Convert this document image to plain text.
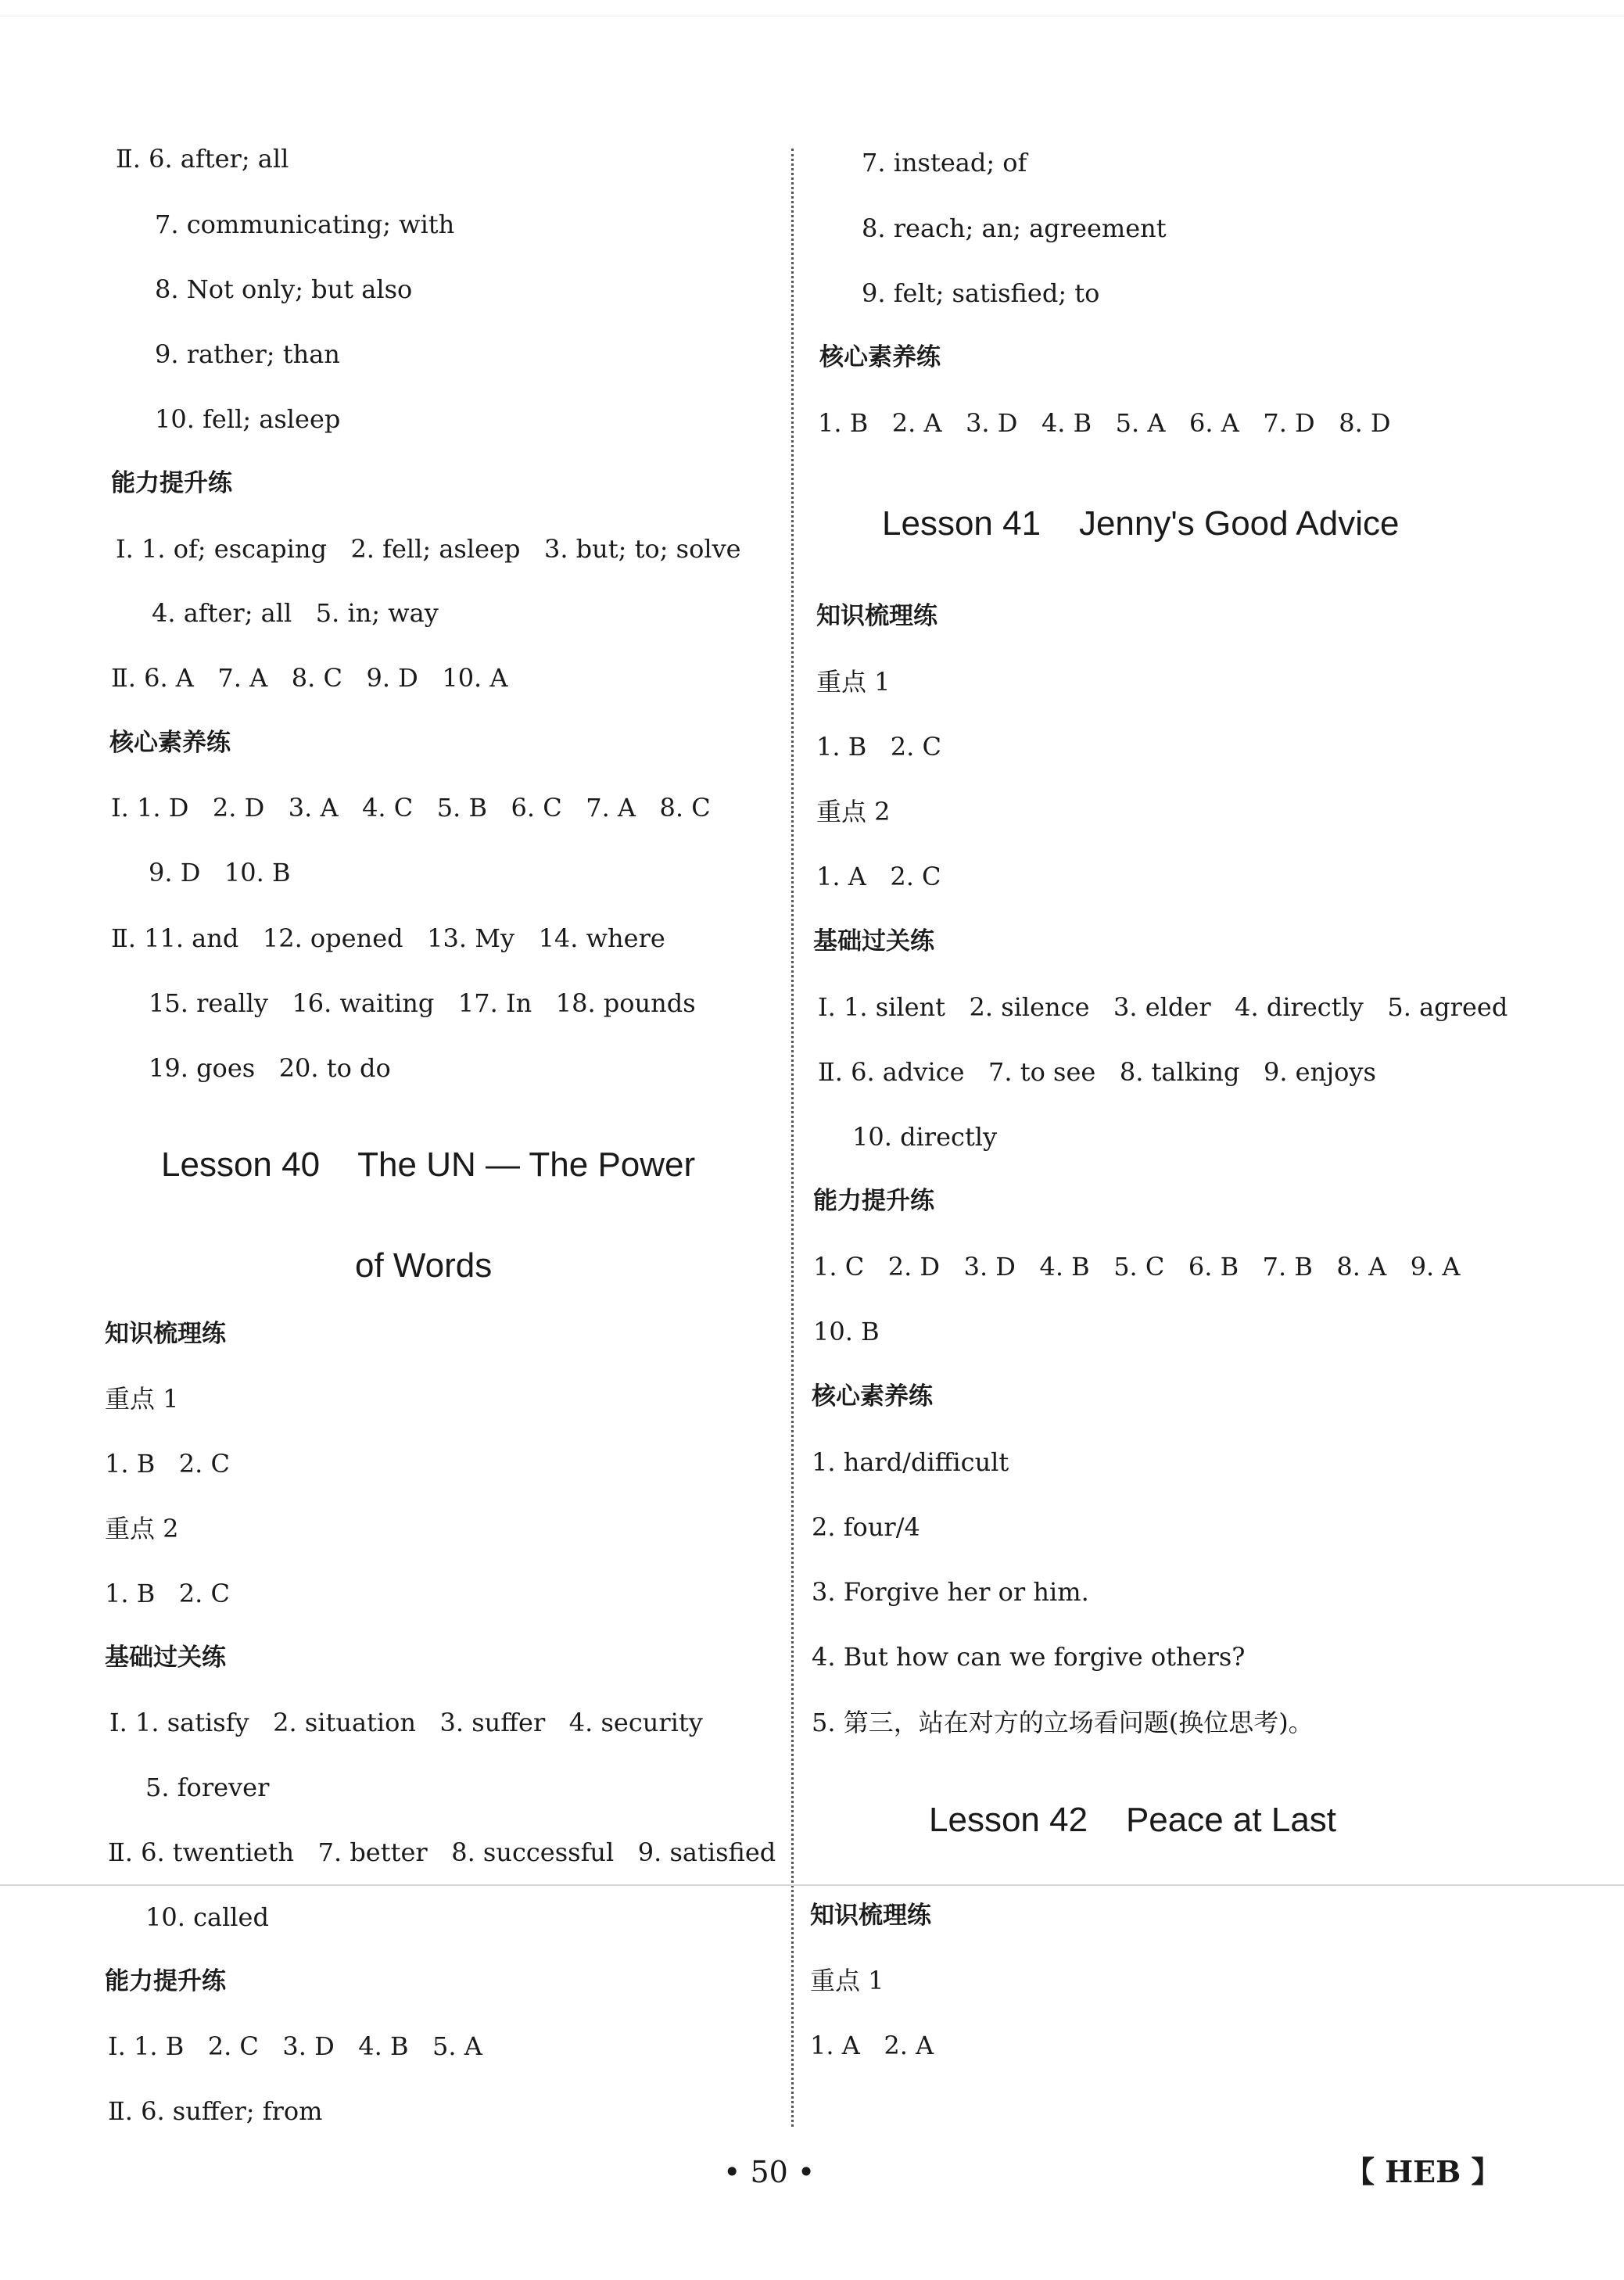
Ⅱ. 6. after; all
7. communicating; with
8. Not only; but also
9. rather; than
10. fell; asleep
能力提升练
Ⅰ. 1. of; escaping   2. fell; asleep   3. but; to; solve
4. after; all   5. in; way
Ⅱ. 6. A   7. A   8. C   9. D   10. A
核心素养练
Ⅰ. 1. D   2. D   3. A   4. C   5. B   6. C   7. A   8. C
9. D   10. B
Ⅱ. 11. and   12. opened   13. My   14. where
15. really   16. waiting   17. In   18. pounds
19. goes   20. to do
Lesson 40    The UN — The Power
of Words
知识梳理练
重点 1
1. B   2. C
重点 2
1. B   2. C
基础过关练
Ⅰ. 1. satisfy   2. situation   3. suffer   4. security
5. forever
Ⅱ. 6. twentieth   7. better   8. successful   9. satisfied
10. called
能力提升练
Ⅰ. 1. B   2. C   3. D   4. B   5. A
Ⅱ. 6. suffer; from
7. instead; of
8. reach; an; agreement
9. felt; satisfied; to
核心素养练
1. B   2. A   3. D   4. B   5. A   6. A   7. D   8. D
Lesson 41    Jenny's Good Advice
知识梳理练
重点 1
1. B   2. C
重点 2
1. A   2. C
基础过关练
Ⅰ. 1. silent   2. silence   3. elder   4. directly   5. agreed
Ⅱ. 6. advice   7. to see   8. talking   9. enjoys
10. directly
能力提升练
1. C   2. D   3. D   4. B   5. C   6. B   7. B   8. A   9. A
10. B
核心素养练
1. hard/difficult
2. four/4
3. Forgive her or him.
4. But how can we forgive others?
5. 第三，站在对方的立场看问题(换位思考)。
Lesson 42    Peace at Last
知识梳理练
重点 1
1. A   2. A
• 50 •	【 HEB 】
